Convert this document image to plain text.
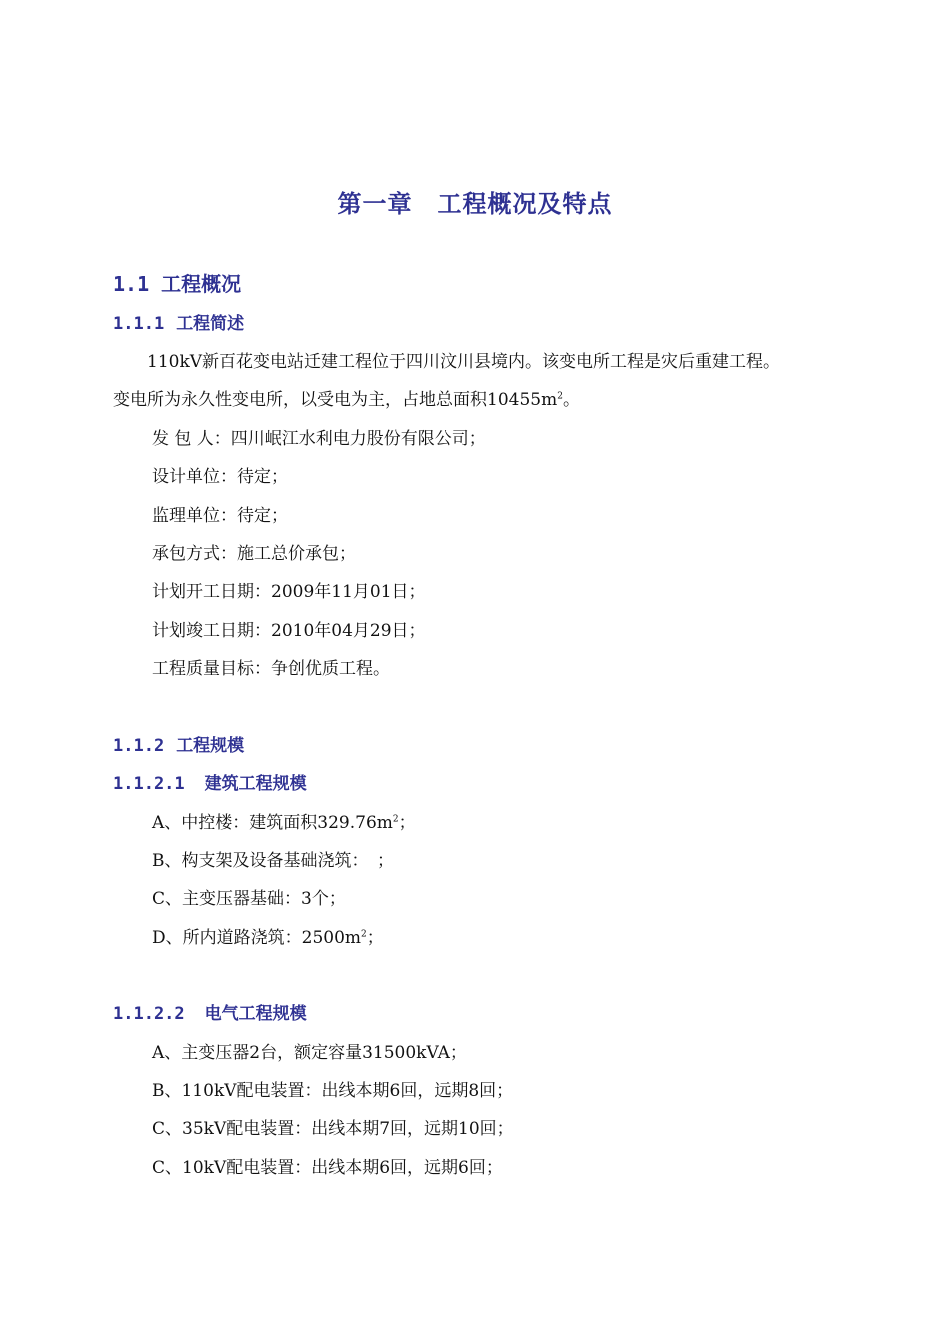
第一章　工程概况及特点
1.1 工程概况
1.1.1 工程简述
110kV新百花变电站迁建工程位于四川汶川县境内。该变电所工程是灾后重建工程。
变电所为永久性变电所，以受电为主，占地总面积$10455m^2$。
发 包 人：四川岷江水利电力股份有限公司；
设计单位：待定；
监理单位：待定；
承包方式：施工总价承包；
计划开工日期：2009年11月01日；
计划竣工日期：2010年04月29日；
工程质量目标：争创优质工程。
1.1.2 工程规模
1.1.2.1 建筑工程规模
A、中控楼：建筑面积$329.76m^2$；
B、构支架及设备基础浇筑：　；
C、主变压器基础：3个；
D、所内道路浇筑：$2500m^2$；
1.1.2.2 电气工程规模
A、主变压器2台，额定容量31500kVA；
B、110kV配电装置：出线本期6回，远期8回；
C、35kV配电装置：出线本期7回，远期10回；
C、10kV配电装置：出线本期6回，远期6回；
